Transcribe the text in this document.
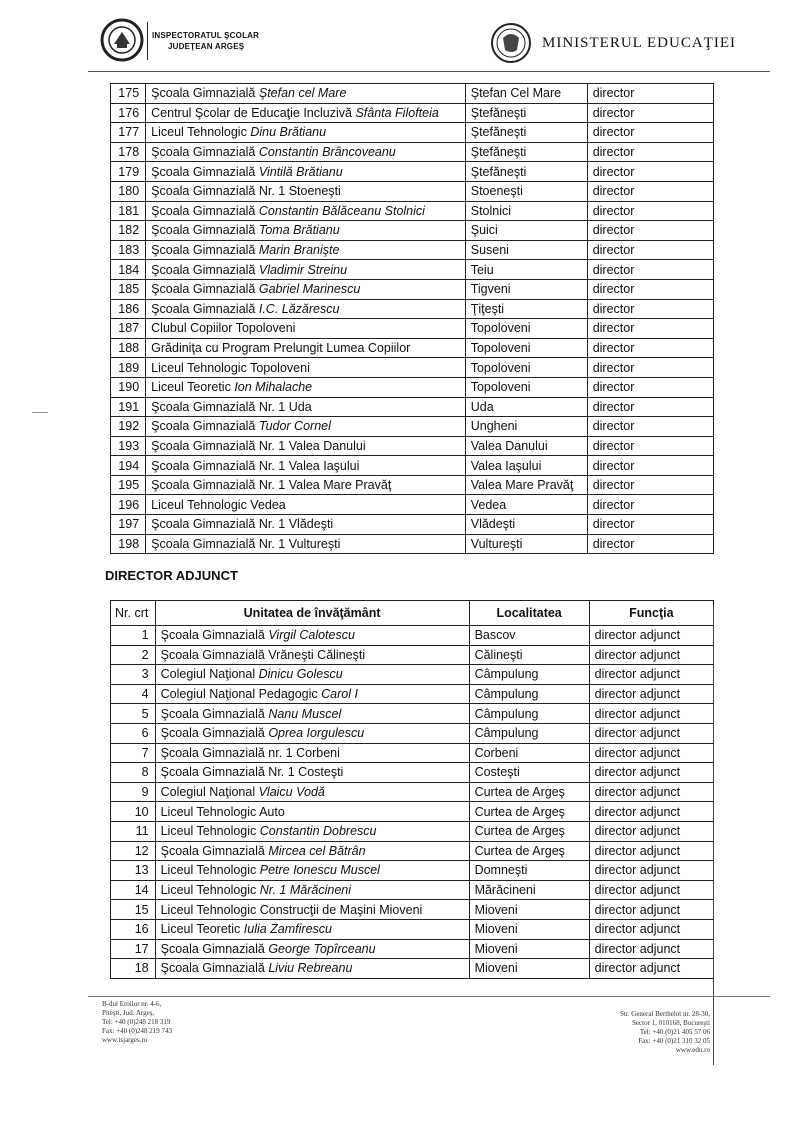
INSPECTORATUL ŞCOLAR
JUDEŢEAN ARGEŞ	MINISTERUL EDUCAŢIEI
175	Şcoala Gimnazială Ştefan cel Mare	Ştefan Cel Mare	director
176	Centrul Şcolar de Educaţie Incluzivă Sfânta Filofteia	Ştefăneşti	director
177	Liceul Tehnologic Dinu Brătianu	Ştefăneşti	director
178	Şcoala Gimnazială Constantin Brâncoveanu	Ştefăneşti	director
179	Şcoala Gimnazială Vintilă Brătianu	Ştefăneşti	director
180	Şcoala Gimnazială Nr. 1 Stoeneşti	Stoeneşti	director
181	Şcoala Gimnazială Constantin Bălăceanu Stolnici	Stolnici	director
182	Şcoala Gimnazială Toma Brătianu	Şuici	director
183	Şcoala Gimnazială Marin Branişte	Suseni	director
184	Şcoala Gimnazială Vladimir Streinu	Teiu	director
185	Şcoala Gimnazială Gabriel Marinescu	Tigveni	director
186	Şcoala Gimnazială I.C. Lăzărescu	Ţiţeşti	director
187	Clubul Copiilor Topoloveni	Topoloveni	director
188	Grădiniţa cu Program Prelungit Lumea Copiilor	Topoloveni	director
189	Liceul Tehnologic Topoloveni	Topoloveni	director
190	Liceul Teoretic Ion Mihalache	Topoloveni	director
191	Şcoala Gimnazială Nr. 1 Uda	Uda	director
192	Şcoala Gimnazială Tudor Cornel	Ungheni	director
193	Şcoala Gimnazială Nr. 1 Valea Danului	Valea Danului	director
194	Şcoala Gimnazială Nr. 1 Valea Iaşului	Valea Iaşului	director
195	Şcoala Gimnazială Nr. 1 Valea Mare Pravăţ	Valea Mare Pravăţ	director
196	Liceul Tehnologic Vedea	Vedea	director
197	Şcoala Gimnazială Nr. 1 Vlădeşti	Vlădeşti	director
198	Şcoala Gimnazială Nr. 1 Vultureşti	Vultureşti	director
DIRECTOR ADJUNCT
Nr. crt	Unitatea de învăţământ	Localitatea	Funcţia
1	Şcoala Gimnazială Virgil Calotescu	Bascov	director adjunct
2	Şcoala Gimnazială Vrăneşti Călineşti	Călineşti	director adjunct
3	Colegiul Naţional Dinicu Golescu	Câmpulung	director adjunct
4	Colegiul Naţional Pedagogic Carol I	Câmpulung	director adjunct
5	Şcoala Gimnazială Nanu Muscel	Câmpulung	director adjunct
6	Şcoala Gimnazială Oprea Iorgulescu	Câmpulung	director adjunct
7	Şcoala Gimnazială nr. 1 Corbeni	Corbeni	director adjunct
8	Şcoala Gimnazială Nr. 1 Costeşti	Costeşti	director adjunct
9	Colegiul Naţional Vlaicu Vodă	Curtea de Argeş	director adjunct
10	Liceul Tehnologic Auto	Curtea de Argeş	director adjunct
11	Liceul Tehnologic Constantin Dobrescu	Curtea de Argeş	director adjunct
12	Şcoala Gimnazială Mircea cel Bătrân	Curtea de Argeş	director adjunct
13	Liceul Tehnologic Petre Ionescu Muscel	Domneşti	director adjunct
14	Liceul Tehnologic Nr. 1 Mărăcineni	Mărăcineni	director adjunct
15	Liceul Tehnologic Construcţii de Maşini Mioveni	Mioveni	director adjunct
16	Liceul Teoretic Iulia Zamfirescu	Mioveni	director adjunct
17	Şcoala Gimnazială George Topîrceanu	Mioveni	director adjunct
18	Şcoala Gimnazială Liviu Rebreanu	Mioveni	director adjunct
B-dul Eroilor nr. 4-6,
Piteşti, Jud. Argeş,
Tel: +40 (0)248 218 319
Fax: +40 (0)248 219 743
www.isjarges.ro
Str. General Berthelot nr. 28-30,
Sector 1, 010168, Bucureşti
Tel: +40 (0)21 405 57 06
Fax: +40 (0)21 310 32 05
www.edu.ro
